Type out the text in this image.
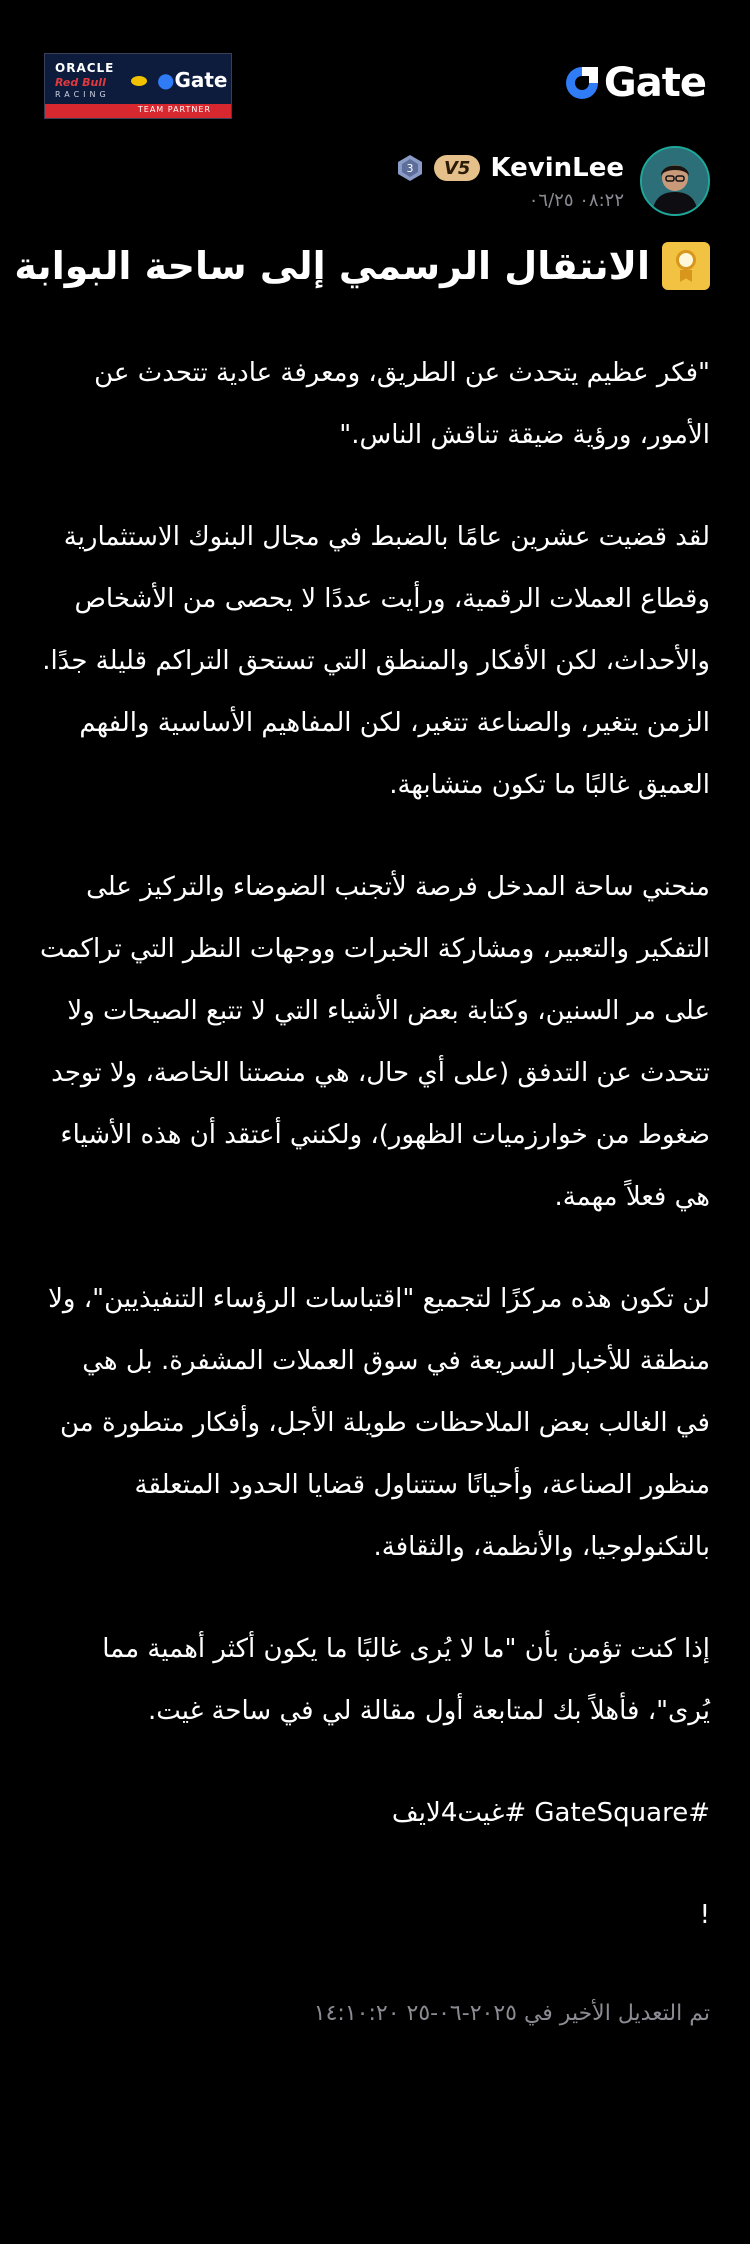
ORACLE
Red Bull
RACING
●Gate
TEAM PARTNER
Gate
KevinLee
V5
3
٠٨:٢٢ ٠٦/٢٥
الانتقال الرسمي إلى ساحة البوابة

"فكر عظيم يتحدث عن الطريق، ومعرفة عادية تتحدث عن الأمور، ورؤية ضيقة تناقش الناس."

لقد قضيت عشرين عامًا بالضبط في مجال البنوك الاستثمارية وقطاع العملات الرقمية، ورأيت عددًا لا يحصى من الأشخاص والأحداث، لكن الأفكار والمنطق التي تستحق التراكم قليلة جدًا. الزمن يتغير، والصناعة تتغير، لكن المفاهيم الأساسية والفهم العميق غالبًا ما تكون متشابهة.

منحني ساحة المدخل فرصة لأتجنب الضوضاء والتركيز على التفكير والتعبير، ومشاركة الخبرات ووجهات النظر التي تراكمت على مر السنين، وكتابة بعض الأشياء التي لا تتبع الصيحات ولا تتحدث عن التدفق (على أي حال، هي منصتنا الخاصة، ولا توجد ضغوط من خوارزميات الظهور)، ولكنني أعتقد أن هذه الأشياء هي فعلاً مهمة.

لن تكون هذه مركزًا لتجميع "اقتباسات الرؤساء التنفيذيين"، ولا منطقة للأخبار السريعة في سوق العملات المشفرة. بل هي في الغالب بعض الملاحظات طويلة الأجل، وأفكار متطورة من منظور الصناعة، وأحيانًا ستتناول قضايا الحدود المتعلقة بالتكنولوجيا، والأنظمة، والثقافة.

إذا كنت تؤمن بأن "ما لا يُرى غالبًا ما يكون أكثر أهمية مما يُرى"، فأهلاً بك لمتابعة أول مقالة لي في ساحة غيت.

#GateSquare #غيت4لايف

!

تم التعديل الأخير في ٢٠٢٥-٠٦-٢٥ ١٤:١٠:٢٠
